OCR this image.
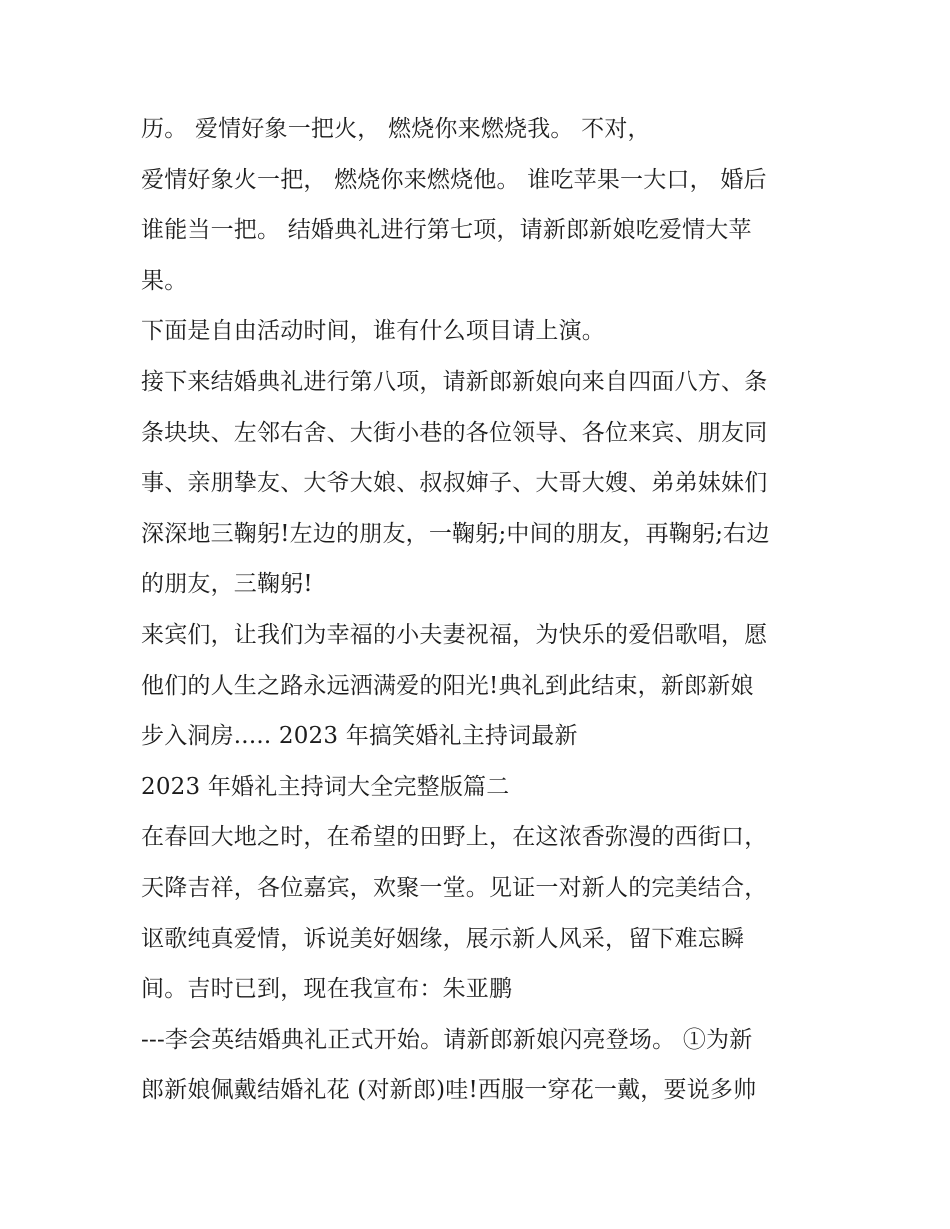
历。 爱情好象一把火， 燃烧你来燃烧我。 不对，
爱情好象火一把， 燃烧你来燃烧他。 谁吃苹果一大口， 婚后
谁能当一把。 结婚典礼进行第七项，请新郎新娘吃爱情大苹
果。
下面是自由活动时间，谁有什么项目请上演。
接下来结婚典礼进行第八项，请新郎新娘向来自四面八方、条
条块块、左邻右舍、大街小巷的各位领导、各位来宾、朋友同
事、亲朋挚友、大爷大娘、叔叔婶子、大哥大嫂、弟弟妹妹们
深深地三鞠躬!左边的朋友，一鞠躬;中间的朋友，再鞠躬;右边
的朋友，三鞠躬!
来宾们，让我们为幸福的小夫妻祝福，为快乐的爱侣歌唱，愿
他们的人生之路永远洒满爱的阳光!典礼到此结束，新郎新娘
步入洞房..... 2023 年搞笑婚礼主持词最新
2023 年婚礼主持词大全完整版篇二
在春回大地之时，在希望的田野上，在这浓香弥漫的西街口，
天降吉祥，各位嘉宾，欢聚一堂。见证一对新人的完美结合，
讴歌纯真爱情，诉说美好姻缘，展示新人风采，留下难忘瞬
间。吉时已到，现在我宣布：朱亚鹏
---李会英结婚典礼正式开始。请新郎新娘闪亮登场。 ①为新
郎新娘佩戴结婚礼花 (对新郎)哇!西服一穿花一戴，要说多帅
